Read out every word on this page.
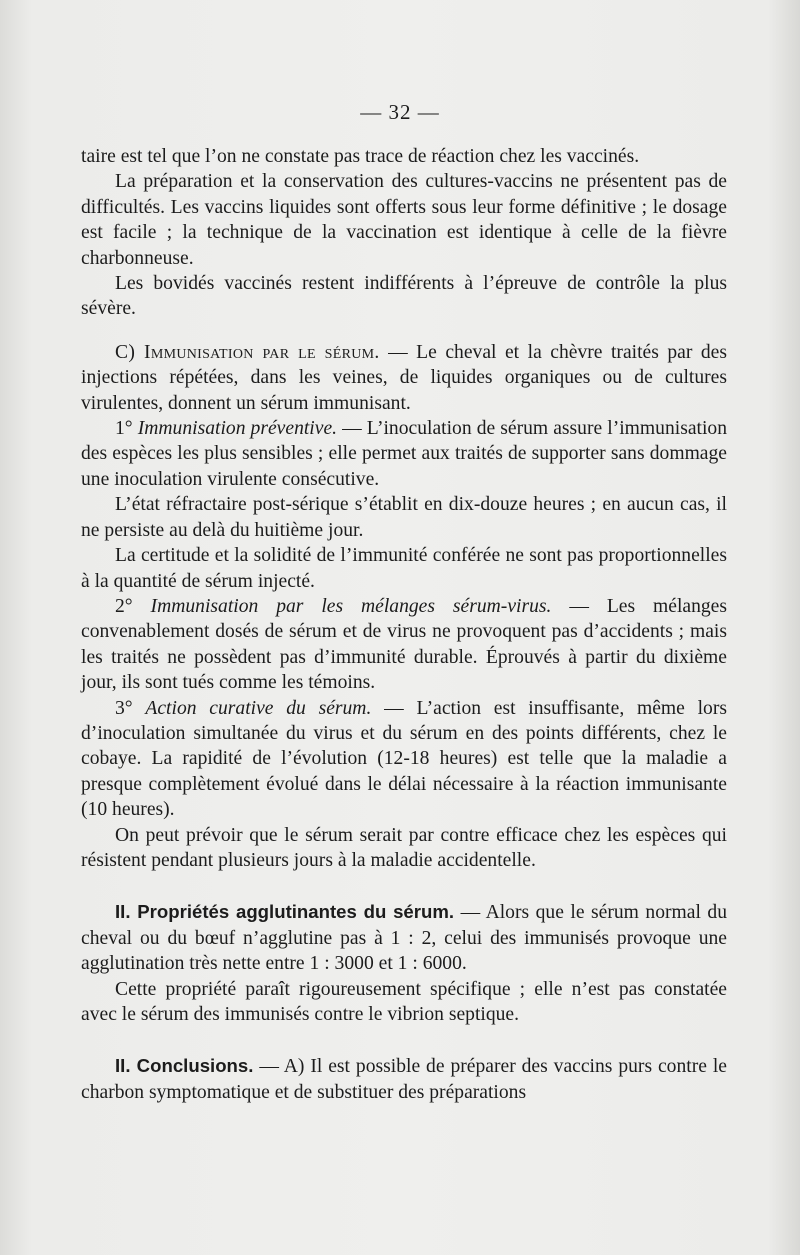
— 32 —

taire est tel que l’on ne constate pas trace de réaction chez les vaccinés.

La préparation et la conservation des cultures-vaccins ne présentent pas de difficultés. Les vaccins liquides sont offerts sous leur forme définitive ; le dosage est facile ; la technique de la vaccination est identique à celle de la fièvre charbonneuse.

Les bovidés vaccinés restent indifférents à l’épreuve de contrôle la plus sévère.

C) Immunisation par le sérum. — Le cheval et la chèvre traités par des injections répétées, dans les veines, de liquides organiques ou de cultures virulentes, donnent un sérum immunisant.

1° Immunisation préventive. — L’inoculation de sérum assure l’immunisation des espèces les plus sensibles ; elle permet aux traités de supporter sans dommage une inoculation virulente consécutive.

L’état réfractaire post-sérique s’établit en dix-douze heures ; en aucun cas, il ne persiste au delà du huitième jour.

La certitude et la solidité de l’immunité conférée ne sont pas proportionnelles à la quantité de sérum injecté.

2° Immunisation par les mélanges sérum-virus. — Les mélanges convenablement dosés de sérum et de virus ne provoquent pas d’accidents ; mais les traités ne possèdent pas d’immunité durable. Éprouvés à partir du dixième jour, ils sont tués comme les témoins.

3° Action curative du sérum. — L’action est insuffisante, même lors d’inoculation simultanée du virus et du sérum en des points différents, chez le cobaye. La rapidité de l’évolution (12-18 heures) est telle que la maladie a presque complètement évolué dans le délai nécessaire à la réaction immunisante (10 heures).

On peut prévoir que le sérum serait par contre efficace chez les espèces qui résistent pendant plusieurs jours à la maladie accidentelle.

II. Propriétés agglutinantes du sérum. — Alors que le sérum normal du cheval ou du bœuf n’agglutine pas à 1 : 2, celui des immunisés provoque une agglutination très nette entre 1 : 3000 et 1 : 6000.

Cette propriété paraît rigoureusement spécifique ; elle n’est pas constatée avec le sérum des immunisés contre le vibrion septique.

II. Conclusions. — A) Il est possible de préparer des vaccins purs contre le charbon symptomatique et de substituer des préparations
